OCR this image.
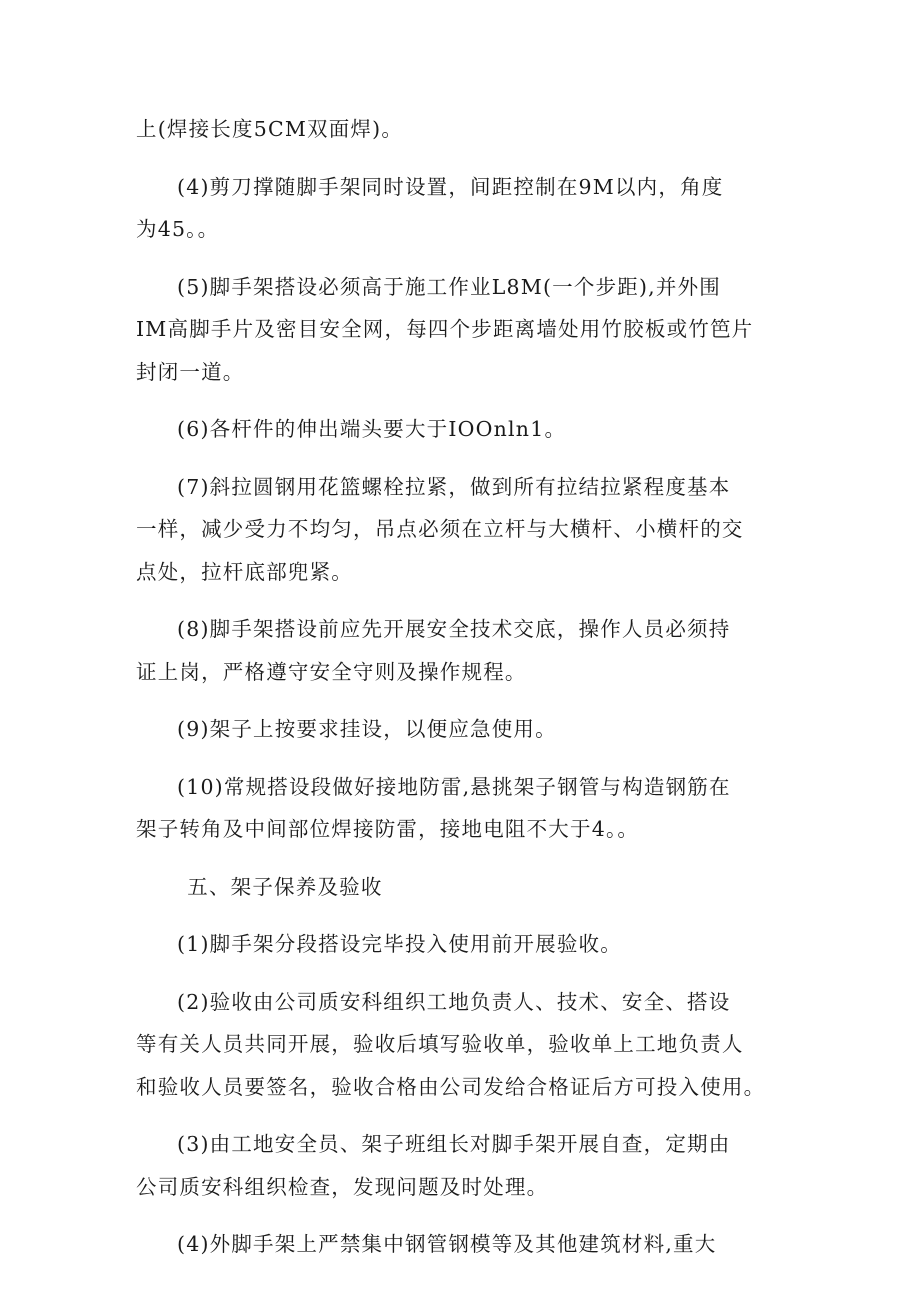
上(焊接长度5CM双面焊)。

(4)剪刀撑随脚手架同时设置，间距控制在9M以内，角度
为45。。

(5)脚手架搭设必须高于施工作业L8M(一个步距),并外围
IM高脚手片及密目安全网，每四个步距离墙处用竹胶板或竹笆片
封闭一道。

(6)各杆件的伸出端头要大于IOOnln1。

(7)斜拉圆钢用花篮螺栓拉紧，做到所有拉结拉紧程度基本
一样，减少受力不均匀，吊点必须在立杆与大横杆、小横杆的交
点处，拉杆底部兜紧。

(8)脚手架搭设前应先开展安全技术交底，操作人员必须持
证上岗，严格遵守安全守则及操作规程。

(9)架子上按要求挂设，以便应急使用。

(10)常规搭设段做好接地防雷,悬挑架子钢管与构造钢筋在
架子转角及中间部位焊接防雷，接地电阻不大于4。。

五、架子保养及验收

(1)脚手架分段搭设完毕投入使用前开展验收。

(2)验收由公司质安科组织工地负责人、技术、安全、搭设
等有关人员共同开展，验收后填写验收单，验收单上工地负责人
和验收人员要签名，验收合格由公司发给合格证后方可投入使用。

(3)由工地安全员、架子班组长对脚手架开展自查，定期由
公司质安科组织检查，发现问题及时处理。

(4)外脚手架上严禁集中钢管钢模等及其他建筑材料,重大
